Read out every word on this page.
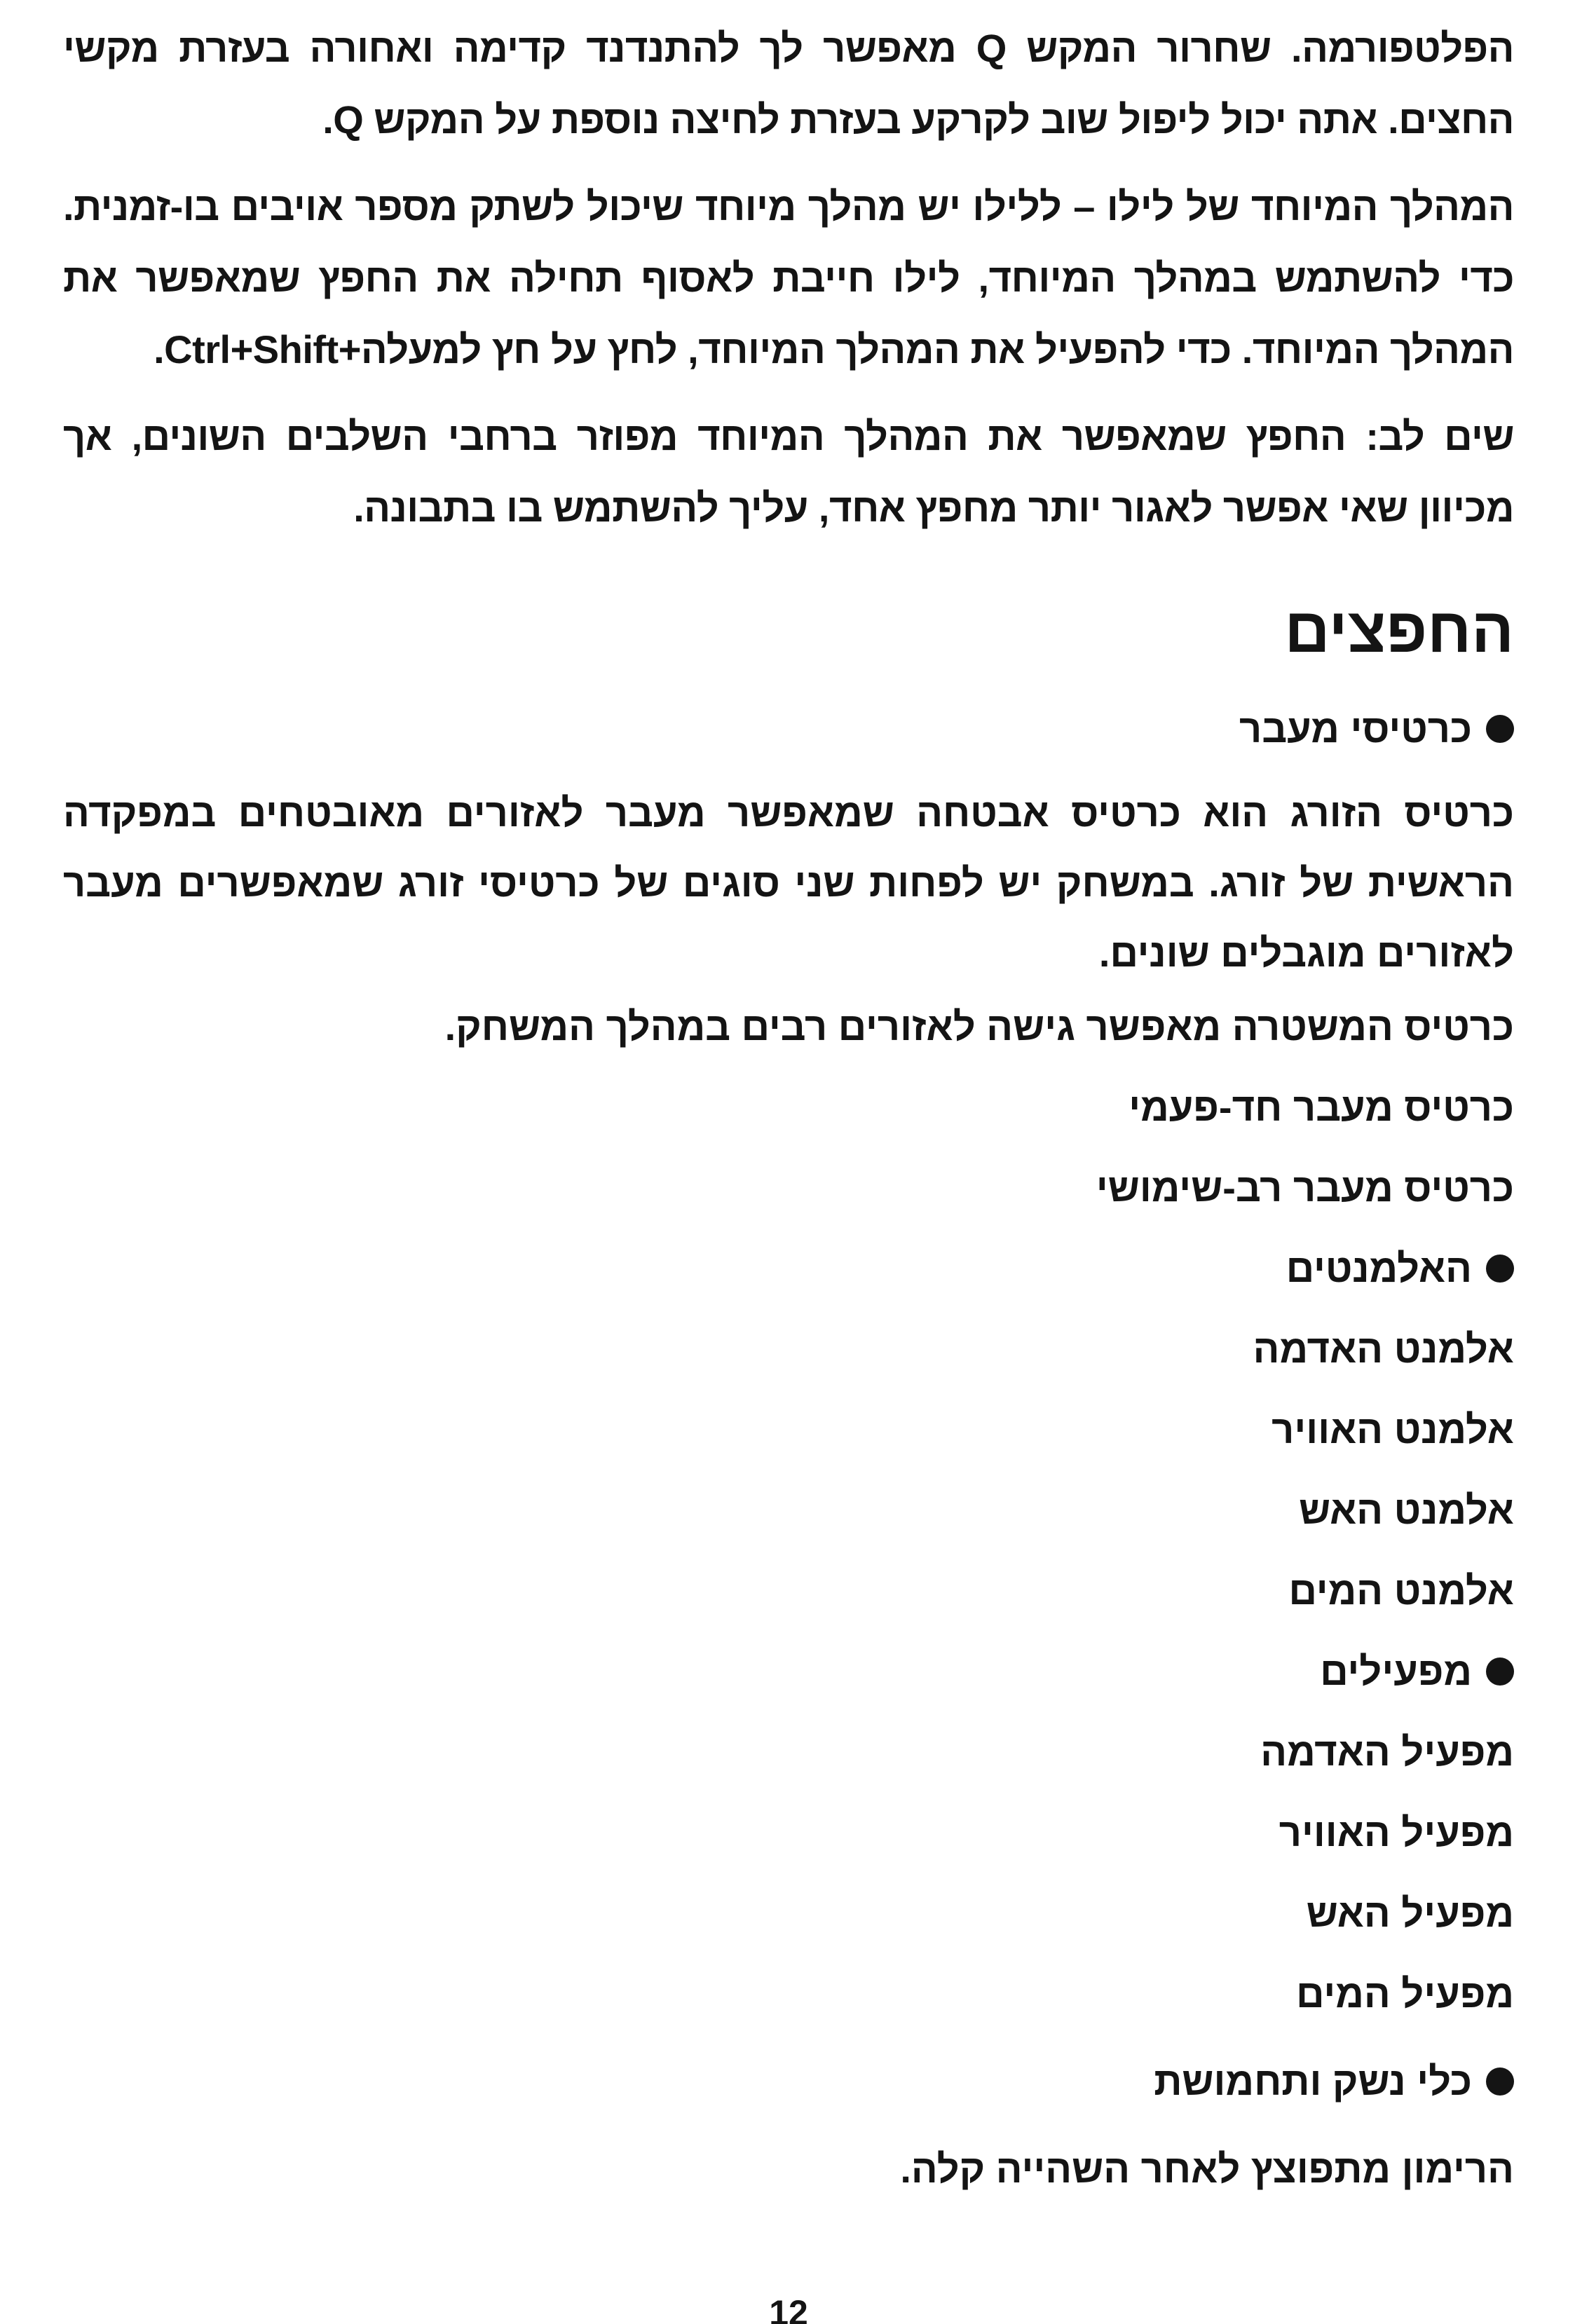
הפלטפורמה. שחרור המקש Q מאפשר לך להתנדנד קדימה ואחורה בעזרת מקשי החצים. אתה יכול ליפול שוב לקרקע בעזרת לחיצה נוספת על המקש Q.

המהלך המיוחד של לילו – ללילו יש מהלך מיוחד שיכול לשתק מספר אויבים בו-זמנית. כדי להשתמש במהלך המיוחד, לילו חייבת לאסוף תחילה את החפץ שמאפשר את המהלך המיוחד. כדי להפעיל את המהלך המיוחד, לחץ על חץ למעלה+Ctrl+Shift.

שים לב: החפץ שמאפשר את המהלך המיוחד מפוזר ברחבי השלבים השונים, אך מכיוון שאי אפשר לאגור יותר מחפץ אחד, עליך להשתמש בו בתבונה.

החפצים
כרטיסי מעבר

כרטיס הזורג הוא כרטיס אבטחה שמאפשר מעבר לאזורים מאובטחים במפקדה הראשית של זורג. במשחק יש לפחות שני סוגים של כרטיסי זורג שמאפשרים מעבר לאזורים מוגבלים שונים.

כרטיס המשטרה מאפשר גישה לאזורים רבים במהלך המשחק.

כרטיס מעבר חד-פעמי

כרטיס מעבר רב-שימושי

האלמנטים

אלמנט האדמה

אלמנט האוויר

אלמנט האש

אלמנט המים

מפעילים

מפעיל האדמה

מפעיל האוויר

מפעיל האש

מפעיל המים

כלי נשק ותחמושת

הרימון מתפוצץ לאחר השהייה קלה.

12
